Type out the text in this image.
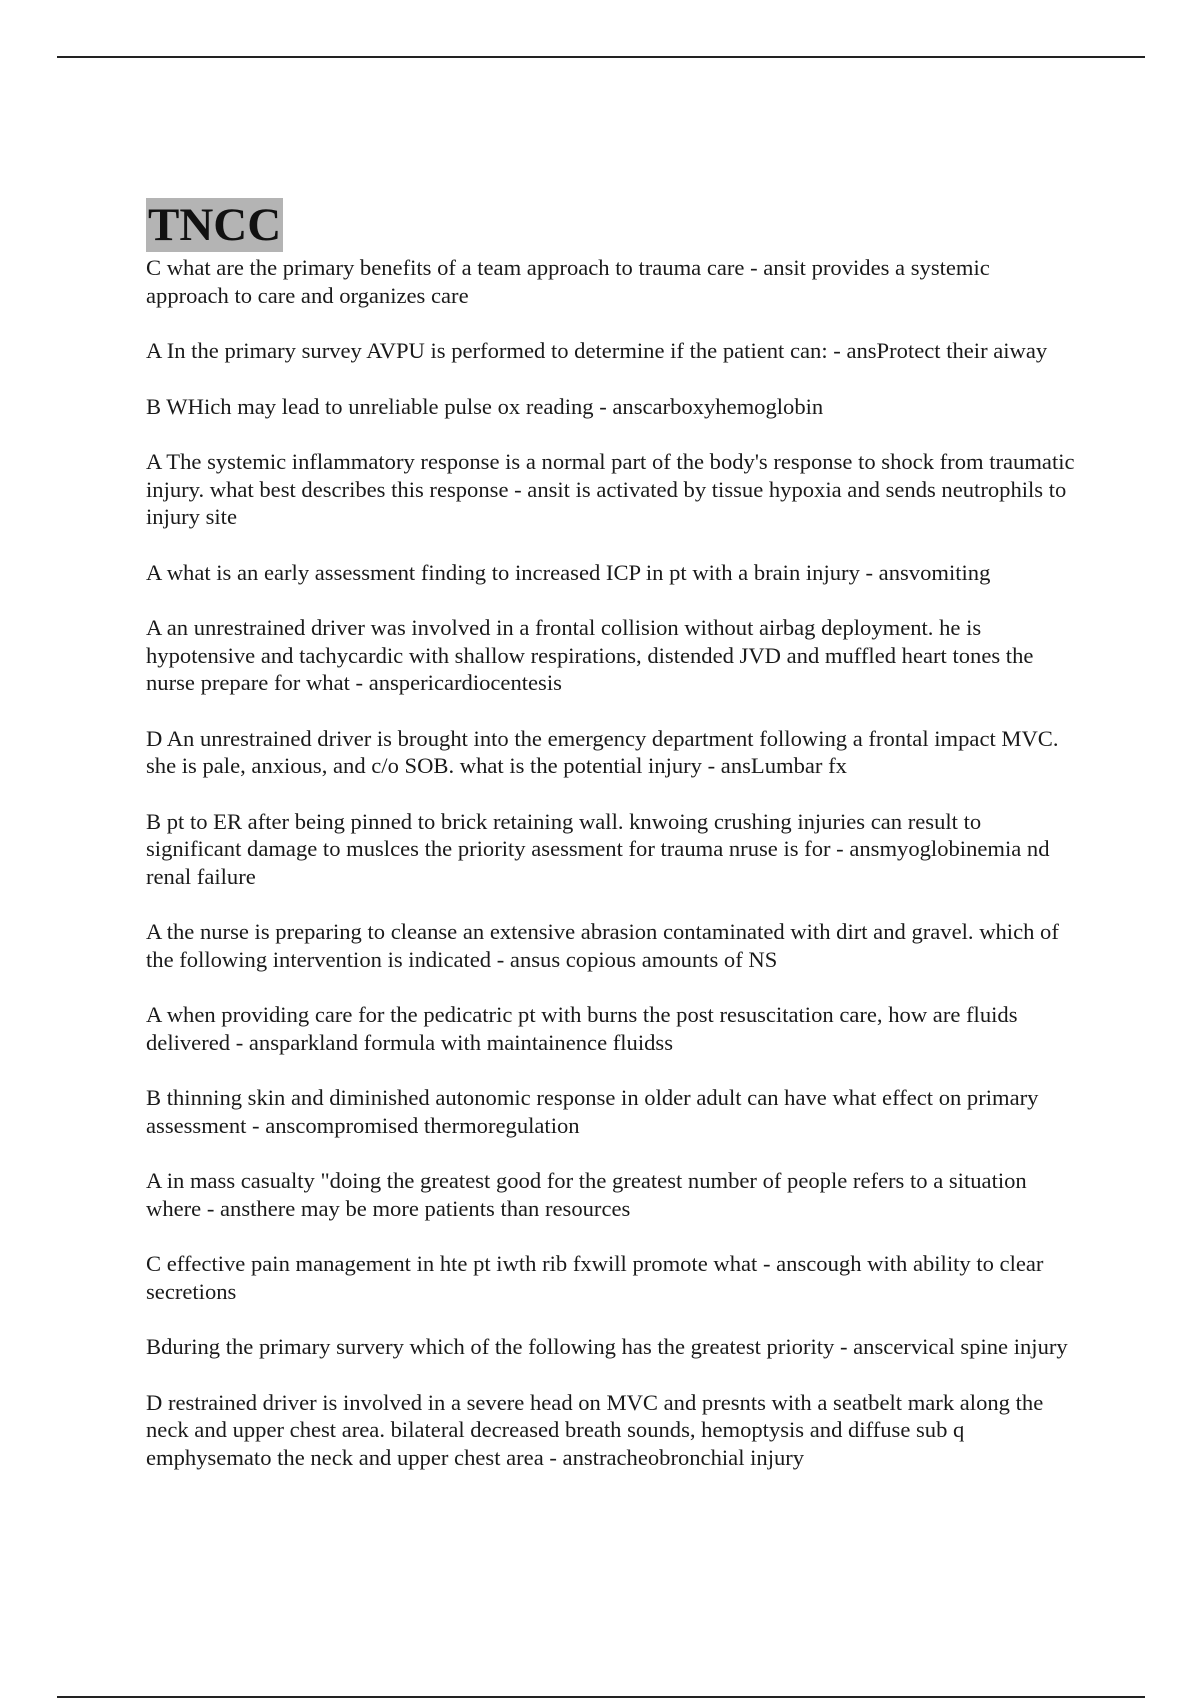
TNCC
C what are the primary benefits of a team approach to trauma care - ansit provides a systemic approach to care and organizes care
A In the primary survey AVPU is performed to determine if the patient can: - ansProtect their aiway
B WHich may lead to unreliable pulse ox reading - anscarboxyhemoglobin
A The systemic inflammatory response is a normal part of the body's response to shock from traumatic injury. what best describes this response - ansit is activated by tissue hypoxia and sends neutrophils to injury site
A what is an early assessment finding to increased ICP in pt with a brain injury - ansvomiting
A an unrestrained driver was involved in a frontal collision without airbag deployment. he is hypotensive and tachycardic with shallow respirations, distended JVD and muffled heart tones the nurse prepare for what - anspericardiocentesis
D An unrestrained driver is brought into the emergency department following a frontal impact MVC. she is pale, anxious, and c/o SOB. what is the potential injury - ansLumbar fx
B pt to ER after being pinned to brick retaining wall. knwoing crushing injuries can result to significant damage to muslces the priority asessment for trauma nruse is for - ansmyoglobinemia nd renal failure
A the nurse is preparing to cleanse an extensive abrasion contaminated with dirt and gravel. which of the following intervention is indicated - ansus copious amounts of NS
A when providing care for the pedicatric pt with burns the post resuscitation care, how are fluids delivered - ansparkland formula with maintainence fluidss
B thinning skin and diminished autonomic response in older adult can have what effect on primary assessment - anscompromised thermoregulation
A in mass casualty "doing the greatest good for the greatest number of people refers to a situation where - ansthere may be more patients than resources
C effective pain management in hte pt iwth rib fxwill promote what - anscough with ability to clear secretions
Bduring the primary survery which of the following has the greatest priority - anscervical spine injury
D restrained driver is involved in a severe head on MVC and presnts with a seatbelt mark along the neck and upper chest area. bilateral decreased breath sounds, hemoptysis and diffuse sub q emphysemato the neck and upper chest area - anstracheobronchial injury
